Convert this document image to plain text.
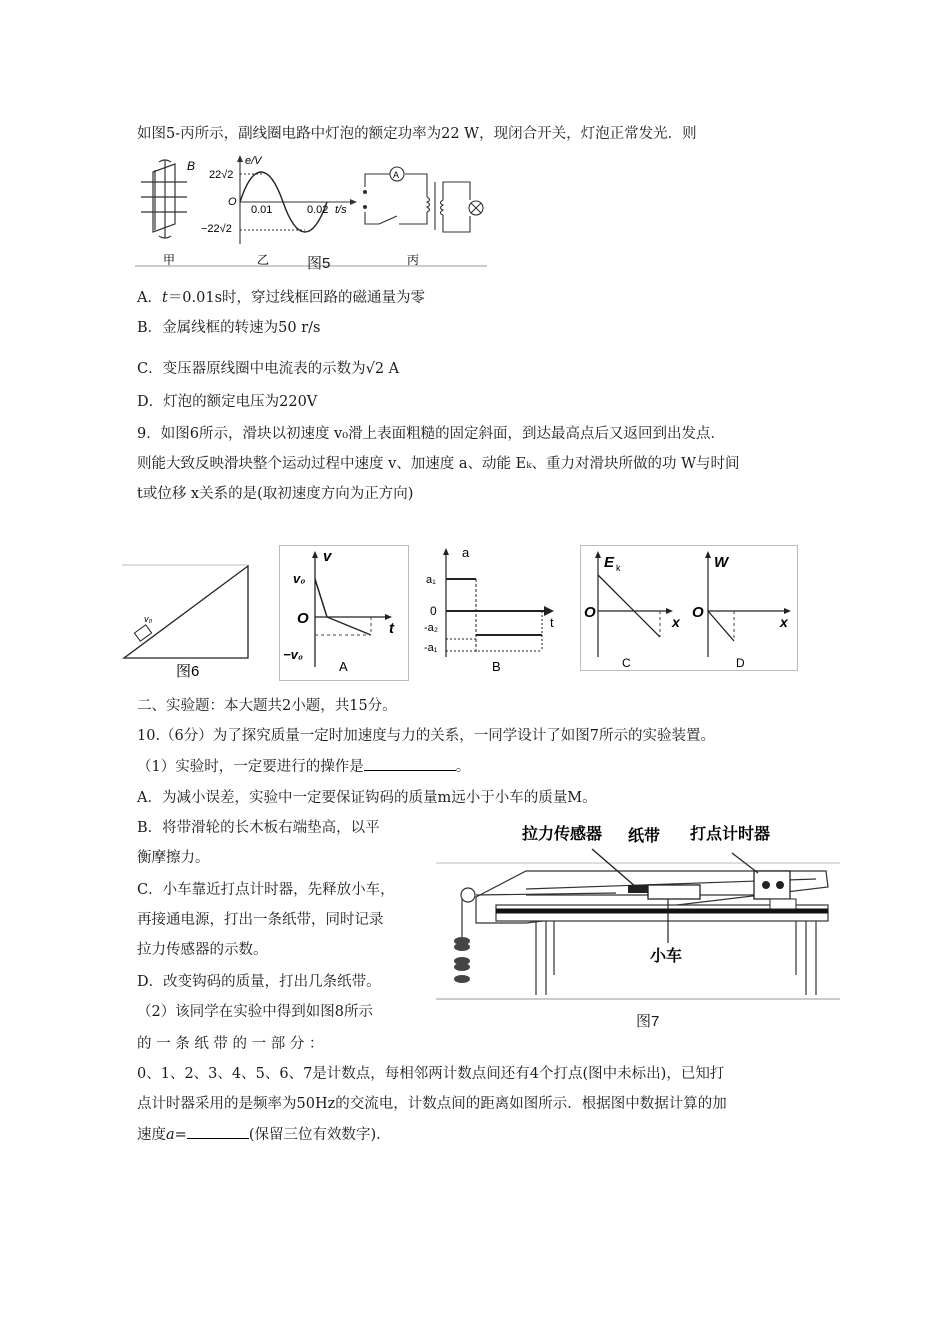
如图5-丙所示，副线圈电路中灯泡的额定功率为22 W，现闭合开关，灯泡正常发光．则
B
甲
e/V
22√2
O
0.01	0.02 t/s
−22√2
乙
A
丙
图5
A．t＝0.01s时，穿过线框回路的磁通量为零
B．金属线框的转速为50 r/s
C．变压器原线圈中电流表的示数为√2 A
D．灯泡的额定电压为220V
9．如图6所示，滑块以初速度 v₀滑上表面粗糙的固定斜面，到达最高点后又返回到出发点．
则能大致反映滑块整个运动过程中速度 v、加速度 a、动能 Eₖ、重力对滑块所做的功 W与时间
t或位移 x关系的是(取初速度方向为正方向)
v₀
图6
v
v₀
O
t
−v₀
A
a
a₁
0
t
-a₂
-a₁
B
E k
O
x
C
W
O
x
D
二、实验题：本大题共2小题，共15分。
10.（6分）为了探究质量一定时加速度与力的关系，一同学设计了如图7所示的实验装置。
（1）实验时，一定要进行的操作是	。
A．为减小误差，实验中一定要保证钩码的质量m远小于小车的质量M。
B．将带滑轮的长木板右端垫高，以平
衡摩擦力。
C．小车靠近打点计时器，先释放小车，
再接通电源，打出一条纸带，同时记录
拉力传感器的示数。
D．改变钩码的质量，打出几条纸带。
（2）该同学在实验中得到如图8所示
的 一 条 纸 带 的 一 部 分 ：
0、1、2、3、4、5、6、7是计数点，每相邻两计数点间还有4个打点(图中未标出)，已知打
点计时器采用的是频率为50Hz的交流电，计数点间的距离如图所示．根据图中数据计算的加
速度a=	(保留三位有效数字)．
拉力传感器 纸带 打点计时器
小车
图7
